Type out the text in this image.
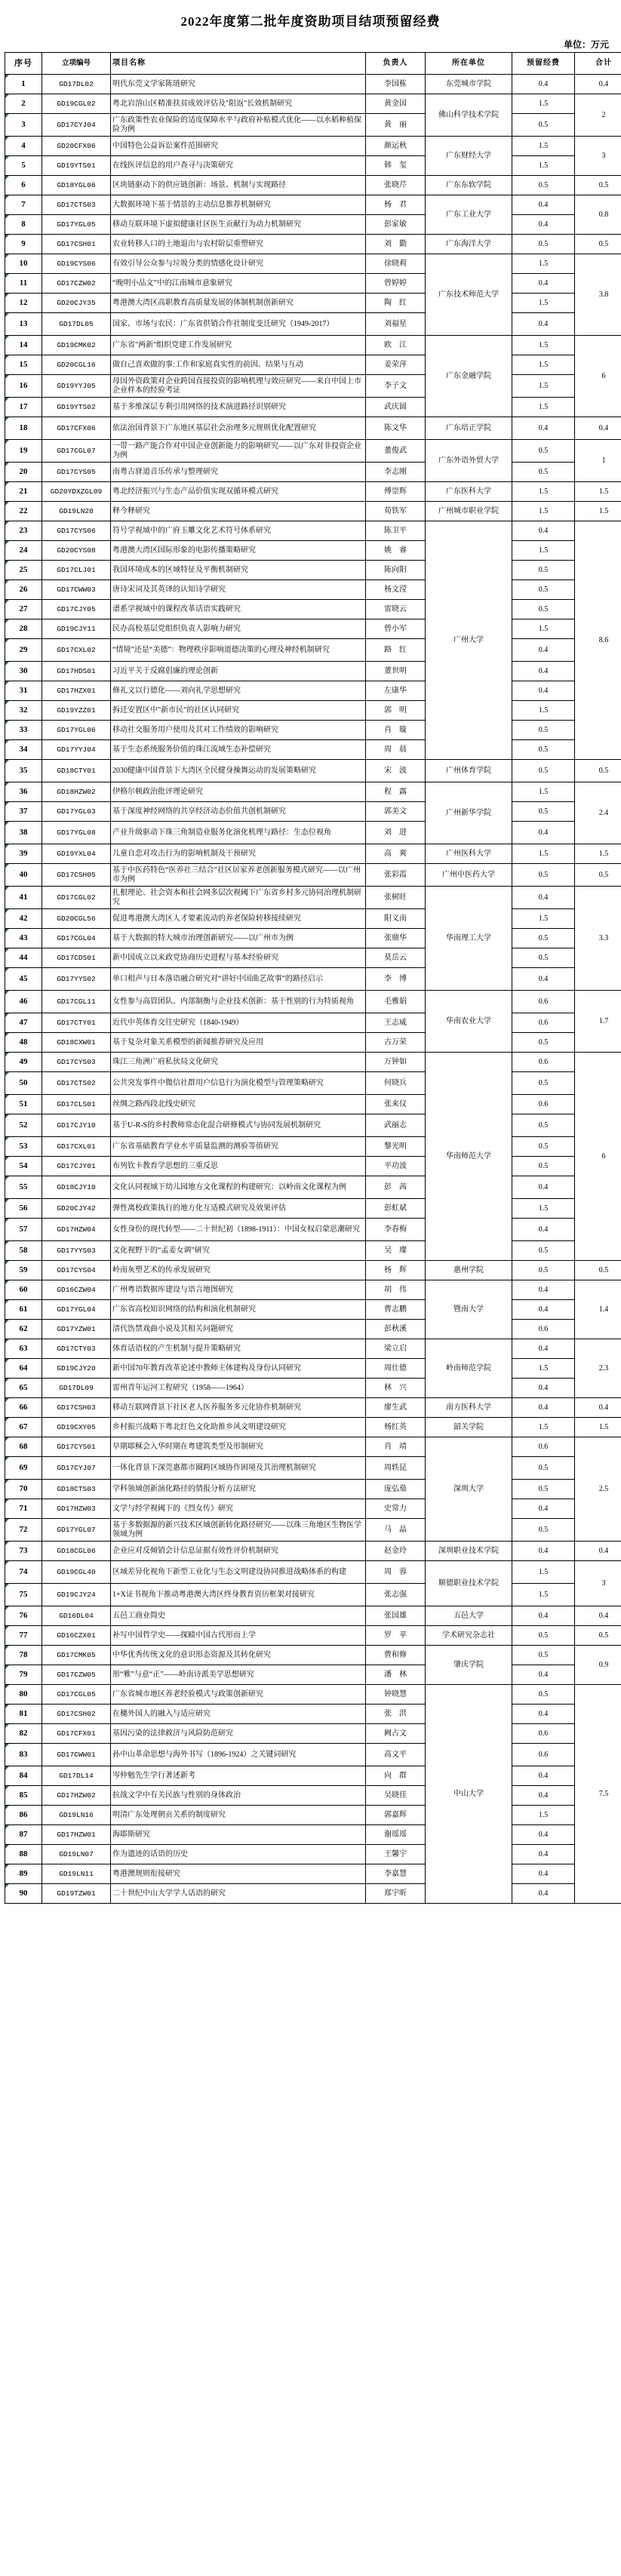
2022年度第二批年度资助项目结项预留经费
单位：万元
序号	立项编号	项目名称	负责人	所在单位	预留经费	合计
1	GD17DL02	明代东莞文学家陈琏研究	李国栋	东莞城市学院	0.4	0.4
2	GD19CGL02	粤北岩溶山区精准扶贫成效评估及"阻返"长效机制研究	黄金国	佛山科学技术学院	1.5	2
3	GD17CYJ04	广东政策性农业保险的适度保障水平与政府补贴模式优化——以水稻种植保险为例	黄　丽		0.5	
4	GD20CFX06	中国特色公益诉讼案件范围研究	颜运秋	广东财经大学	1.5	3
5	GD19YTS01	在线医评信息的用户查寻与决策研究	韩　玺		1.5	
6	GD18YGL06	区块链驱动下的供应链创新：场景、机制与实现路径	张晓芹	广东东软学院	0.5	0.5
7	GD17CTS03	大数据环境下基于情景的主动信息推荐机制研究	杨　君	广东工业大学	0.4	0.8
8	GD17YGL05	移动互联环境下虚拟健康社区医生贡献行为动力机制研究	彭家敏		0.4	
9	GD17CSH01	农业转移人口的土地退出与农村阶层重塑研究	刘　勤	广东海洋大学	0.5	0.5
10	GD19CYS06	有效引导公众参与垃圾分类的情感化设计研究	徐晓莉	广东技术师范大学	1.5	3.8
11	GD17CZW02	“晚明小品文”中的江南城市意象研究	曾婷婷		0.4	
12	GD20CJY35	粤港澳大湾区高职教育高质量发展的体制机制创新研究	陶　红		1.5	
13	GD17DL05	国家、市场与农民：广东省供销合作社制度变迁研究（1949-2017）	刘福星		0.4	
14	GD19CMK02	广东省"两新"组织党建工作发展研究	欧　江	广东金融学院	1.5	6
15	GD20CGL16	做自己喜欢做的事:工作和家庭真实性的前因、结果与互动	姜荣萍		1.5	
16	GD19YYJ05	母国外资政策对企业跨国直接投资的影响机理与效应研究——来自中国上市企业样本的经验考证	李子文		1.5	
17	GD19YTS02	基于多维深层专利引用网络的技术演进路径识别研究	武庆圆		1.5	
18	GD17CFX06	依法治国背景下广东地区基层社会治理多元规则优化配置研究	陈文华	广东培正学院	0.4	0.4
19	GD17CGL07	一带一路产能合作对中国企业创新能力的影响研究——以广东对非投资企业为例	董俊武	广东外语外贸大学	0.5	1
20	GD17CYS05	南粤古驿道音乐传承与整理研究	李志刚		0.5	
21	GD20YDXZGL09	粤北经济振兴与生态产品价值实现双循环模式研究	傅崇辉	广东医科大学	1.5	1.5
22	GD19LN20	释今释研究	荀铁军	广州城市职业学院	1.5	1.5
23	GD17CYS06	符号学视域中的广府玉雕文化艺术符号体系研究	陈卫平	广州大学	0.4	8.6
24	GD20CYS08	粤港澳大湾区国际形象的电影传播策略研究	姚　睿		1.5	
25	GD17CLJ01	我国环境成本的区域特征及平衡机制研究	陈向阳		0.5	
26	GD17CWW03	唐诗宋词及其英译的认知诗学研究	杨文滢		0.5	
27	GD17CJY05	谱系学视域中的课程改革话语实践研究	雷晓云		0.5	
28	GD19CJY11	民办高校基层党组织负责人影响力研究	曾小军		1.5	
29	GD17CXL02	“情境”还是“美德”：物理秩序影响道德决策的心理及神经机制研究	路　红		0.4	
30	GD17HDS01	习近平关于反腐倡廉的理论创新	董世明		0.4	
31	GD17HZX01	修礼文以行德化——刘向礼学思想研究	左康华		0.4	
32	GD19YZZ01	拆迁安置区中"新市民"的社区认同研究	郭　明		1.5	
33	GD17YGL06	移动社交服务用户使用及其对工作绩效的影响研究	肖　璇		0.5	
34	GD17YYJ04	基于生态系统服务价值的珠江流域生态补偿研究	周　晨		0.5	
35	GD18CTY01	2030健康中国背景下大湾区全民健身操舞运动的发展策略研究	宋　波	广州体育学院	0.5	0.5
36	GD18HZW02	伊格尔顿政治批评理论研究	程　露	广州新华学院	1.5	2.4
37	GD17YGL03	基于深度神经网络的共享经济动态价值共创机制研究	郭美文		0.5	
38	GD17YGL08	产业升级驱动下珠三角制造业服务化演化机理与路径：生态位视角	刘　进		0.4	
39	GD19YXL04	儿童自恋对攻击行为的影响机制及干预研究	高　爽	广州医科大学	1.5	1.5
40	GD17CSH05	基于中医药特色“医养社三结合”社区居家养老创新服务模式研究——以广州市为例	张彩霞	广州中医药大学	0.5	0.5
41	GD17CGL02	扎根理论、社会资本和社会网多层次视阈下广东省乡村多元协同治理机制研究	张树旺	华南理工大学	0.4	3.3
42	GD20CGL56	促进粤港澳大湾区人才要素流动的养老保险转移接续研究	阳义南		1.5	
43	GD17CGL04	基于大数据的特大城市治理创新研究——以广州市为例	张鼎华		0.5	
44	GD17CDS01	新中国成立以来政党协商历史进程与基本经验研究	莫岳云		0.5	
45	GD17YYS02	单口相声与日本落语融合研究对“讲好中国曲艺故事”的路径启示	李　博		0.4	
46	GD17CGL11	女性参与高管团队、内部制衡与企业技术创新：基于性别的行为特质视角	毛雅娟	华南农业大学	0.6	1.7
47	GD17CTY01	近代中英体育交往史研究（1840-1949）	王志威		0.6	
48	GD18CXW01	基于复杂对象关系模型的新闻推荐研究及应用	古万荣		0.5	
49	GD17CYS03	珠江三角洲广府私伙局文化研究	万钟如	华南师范大学	0.6	6
50	GD17CTS02	公共突发事件中微信社群用户信息行为演化模型与管理策略研究	何晓兵		0.5	
51	GD17CLS01	丝绸之路西段北线史研究	张来仪		0.6	
52	GD17CJY10	基于U-R-S的乡村教师常态化混合研修模式与协同发展机制研究	武丽志		0.5	
53	GD17CXL01	广东省基础教育学业水平质量监测的测验等值研究	黎光明		0.5	
54	GD17CJY01	布列钦卡教育学思想的三重反思	平功波		0.5	
55	GD18CJY10	文化认同视域下幼儿园地方文化课程的构建研究：以岭南文化课程为例	彭　茜		0.4	
56	GD20CJY42	弹性离校政策执行的地方化互适模式研究及效果评估	彭虹斌		1.5	
57	GD17HZW04	女性身份的现代转型——二十世纪初（1898-1911）：中国女权启蒙思潮研究	李春梅		0.4	
58	GD17YYS03	文化视野下的“孟姜女调”研究	吴　璨		0.5	
59	GD17CYS04	岭南灰塑艺术的传承发展研究	杨　辉	惠州学院	0.5	0.5
60	GD16CZW04	广州粤语数据库建设与语言地图研究	胡　伟	暨南大学	0.4	1.4
61	GD17YGL04	广东省高校知识网络的结构和演化机制研究	曹志鹏		0.4	
62	GD17YZW01	清代饬禁戏曲小说及其相关问题研究	彭秋溪		0.6	
63	GD17CTY03	体育话语权的产生机制与提升策略研究	梁立启	岭南师范学院	0.4	2.3
64	GD19CJY20	新中国70年教育改革论述中教师主体建构及身份认同研究	周仕德		1.5	
65	GD17DL09	雷州青年运河工程研究（1958——1964）	林　兴		0.4	
66	GD17CSH03	移动互联网背景下社区老人医养服务多元化协作机制研究	廖生武	南方医科大学	0.4	0.4
67	GD19CXY05	乡村振兴战略下粤北红色文化助推乡风文明建设研究	杨红英	韶关学院	1.5	1.5
68	GD17CYS01	早期耶稣会入华时期在粤建筑类型及形制研究	肖　靖	深圳大学	0.6	2.5
69	GD17CYJ07	一体化背景下深莞惠都市圈跨区域协作困境及其治理机制研究	周轶昆		0.5	
70	GD18CTS03	学科领域创新演化路径的情报分析方法研究	庞弘燊		0.5	
71	GD17HZW03	文学与经学视阈下的《烈女传》研究	史常力		0.4	
72	GD17YGL07	基于多数据源的新兴技术区域创新转化路径研究——以珠三角地区生物医学领域为例	马　晶		0.5	
73	GD18CGL06	企业应对反倾销会计信息证据有效性评价机制研究	赵金玲	深圳职业技术学院	0.4	0.4
74	GD19CGL40	区域差异化视角下新型工业化与生态文明建设协同推进战略体系的构建	周　蓉	顺德职业技术学院	1.5	3
75	GD19CJY24	1+X证书视角下推动粤港澳大湾区终身教育资历框架对接研究	张志强		1.5	
76	GD16DL04	五邑工商业简史	张国雄	五邑大学	0.4	0.4
77	GD16CZX01	补写中国哲学史——探赜中国古代形而上学	罗　苹	学术研究杂志社	0.5	0.5
78	GD17CMK05	中华优秀传统文化的意识形态资源及其转化研究	曹和修	肇庆学院	0.5	0.9
79	GD17CZW05	形“雅”与意“正”——岭南诗派美学思想研究	潘　林		0.4	
80	GD17CGL05	广东省城市地区养老经验模式与政策创新研究	钟晓慧	中山大学	0.5	7.5
81	GD17CSH02	在穗外国人的融入与适应研究	张　洪		0.4	
82	GD17CFX01	基因污染的法律救济与风险防范研究	阙占文		0.6	
83	GD17CWW01	孙中山革命思想与海外书写（1896-1924）之关键词研究	高文平		0.6	
84	GD17DL14	岑仲勉先生学行著述新考	向　群		0.4	
85	GD17HZW02	抗战文学中有关民族与性别的身体政治	吴晓佳		0.4	
86	GD19LN16	明清广东处理朝贡关系的制度研究	郭嘉辉		1.5	
87	GD17HZW01	海耶斯研究	谢瑶瑶		0.4	
88	GD19LN07	作为遗迹的话语的历史	王馨宇		0.4	
89	GD19LN11	粤港澳规则衔接研究	李嘉慧		0.4	
90	GD19TZW01	二十世纪中山大学学人话语的研究	郑宇昕		0.4	
